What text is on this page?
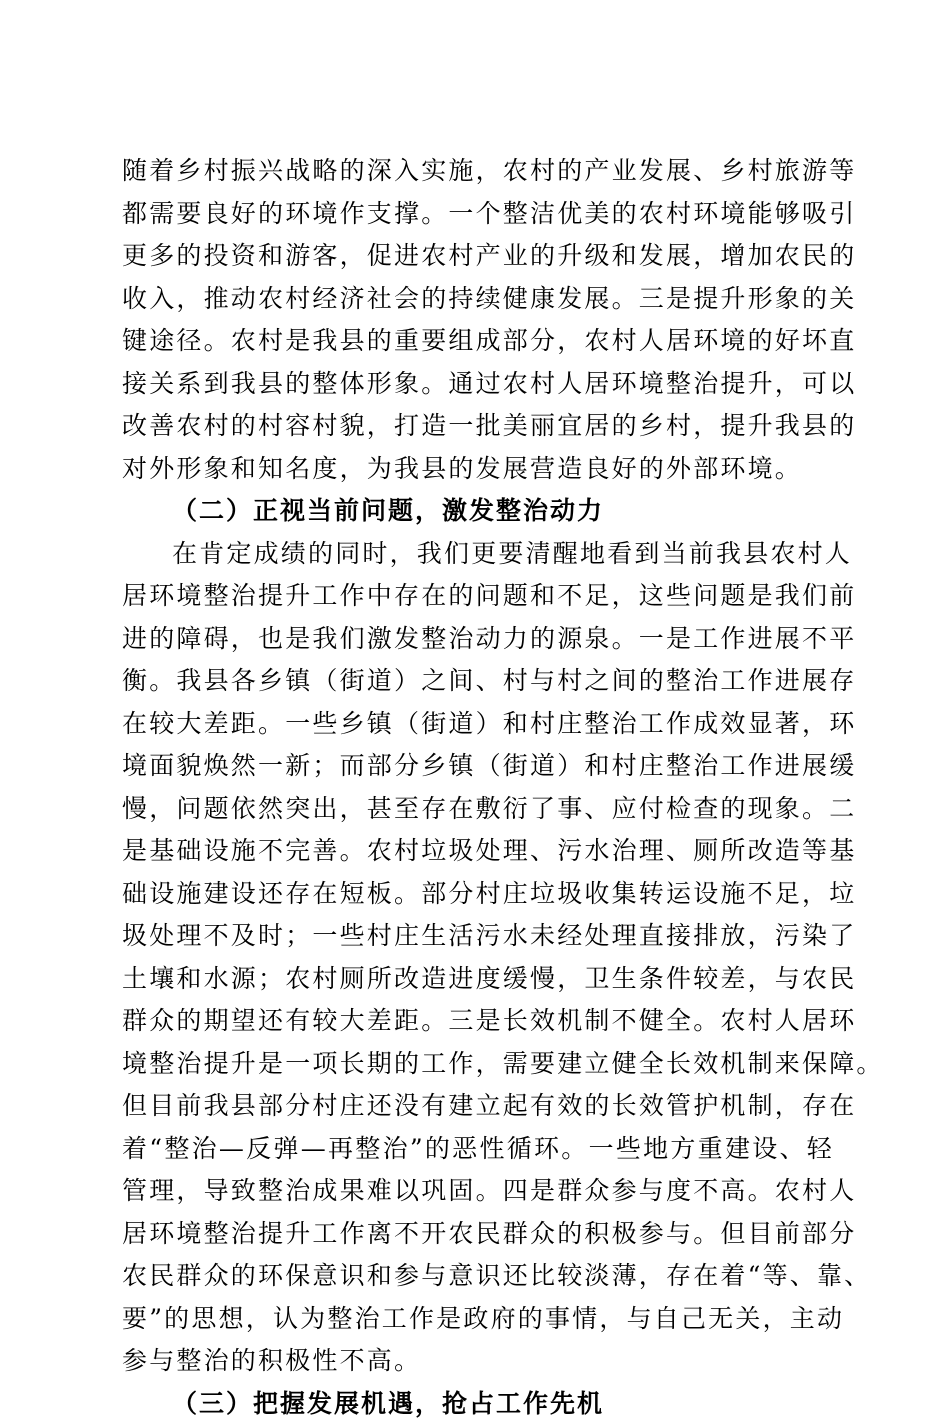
随着乡村振兴战略的深入实施，农村的产业发展、乡村旅游等
都需要良好的环境作支撑。一个整洁优美的农村环境能够吸引
更多的投资和游客，促进农村产业的升级和发展，增加农民的
收入，推动农村经济社会的持续健康发展。三是提升形象的关
键途径。农村是我县的重要组成部分，农村人居环境的好坏直
接关系到我县的整体形象。通过农村人居环境整治提升，可以
改善农村的村容村貌，打造一批美丽宜居的乡村，提升我县的
对外形象和知名度，为我县的发展营造良好的外部环境。
（二）正视当前问题，激发整治动力
在肯定成绩的同时，我们更要清醒地看到当前我县农村人
居环境整治提升工作中存在的问题和不足，这些问题是我们前
进的障碍，也是我们激发整治动力的源泉。一是工作进展不平
衡。我县各乡镇（街道）之间、村与村之间的整治工作进展存
在较大差距。一些乡镇（街道）和村庄整治工作成效显著，环
境面貌焕然一新；而部分乡镇（街道）和村庄整治工作进展缓
慢，问题依然突出，甚至存在敷衍了事、应付检查的现象。二
是基础设施不完善。农村垃圾处理、污水治理、厕所改造等基
础设施建设还存在短板。部分村庄垃圾收集转运设施不足，垃
圾处理不及时；一些村庄生活污水未经处理直接排放，污染了
土壤和水源；农村厕所改造进度缓慢，卫生条件较差，与农民
群众的期望还有较大差距。三是长效机制不健全。农村人居环
境整治提升是一项长期的工作，需要建立健全长效机制来保障。
但目前我县部分村庄还没有建立起有效的长效管护机制，存在
着“整治—反弹—再整治”的恶性循环。一些地方重建设、轻
管理，导致整治成果难以巩固。四是群众参与度不高。农村人
居环境整治提升工作离不开农民群众的积极参与。但目前部分
农民群众的环保意识和参与意识还比较淡薄，存在着“等、靠、
要”的思想，认为整治工作是政府的事情，与自己无关，主动
参与整治的积极性不高。
（三）把握发展机遇，抢占工作先机
